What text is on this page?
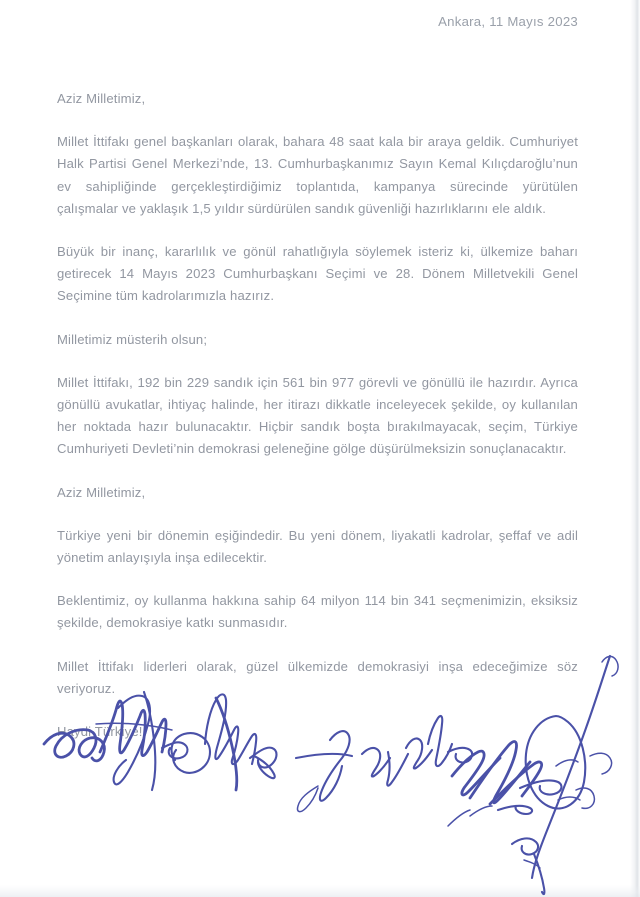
Ankara, 11 Mayıs 2023

Aziz Milletimiz,

Millet İttifakı genel başkanları olarak, bahara 48 saat kala bir araya geldik. Cumhuriyet Halk Partisi Genel Merkezi’nde, 13. Cumhurbaşkanımız Sayın Kemal Kılıçdaroğlu’nun ev sahipliğinde gerçekleştirdiğimiz toplantıda, kampanya sürecinde yürütülen çalışmalar ve yaklaşık 1,5 yıldır sürdürülen sandık güvenliği hazırlıklarını ele aldık.

Büyük bir inanç, kararlılık ve gönül rahatlığıyla söylemek isteriz ki, ülkemize baharı getirecek 14 Mayıs 2023 Cumhurbaşkanı Seçimi ve 28. Dönem Milletvekili Genel Seçimine tüm kadrolarımızla hazırız.

Milletimiz müsterih olsun;

Millet İttifakı, 192 bin 229 sandık için 561 bin 977 görevli ve gönüllü ile hazırdır. Ayrıca gönüllü avukatlar, ihtiyaç halinde, her itirazı dikkatle inceleyecek şekilde, oy kullanılan her noktada hazır bulunacaktır. Hiçbir sandık boşta bırakılmayacak, seçim, Türkiye Cumhuriyeti Devleti’nin demokrasi geleneğine gölge düşürülmeksizin sonuçlanacaktır.

Aziz Milletimiz,

Türkiye yeni bir dönemin eşiğindedir. Bu yeni dönem, liyakatli kadrolar, şeffaf ve adil yönetim anlayışıyla inşa edilecektir.

Beklentimiz, oy kullanma hakkına sahip 64 milyon 114 bin 341 seçmenimizin, eksiksiz şekilde, demokrasiye katkı sunmasıdır.

Millet İttifakı liderleri olarak, güzel ülkemizde demokrasiyi inşa edeceğimize söz veriyoruz.

Haydi Türkiye!
